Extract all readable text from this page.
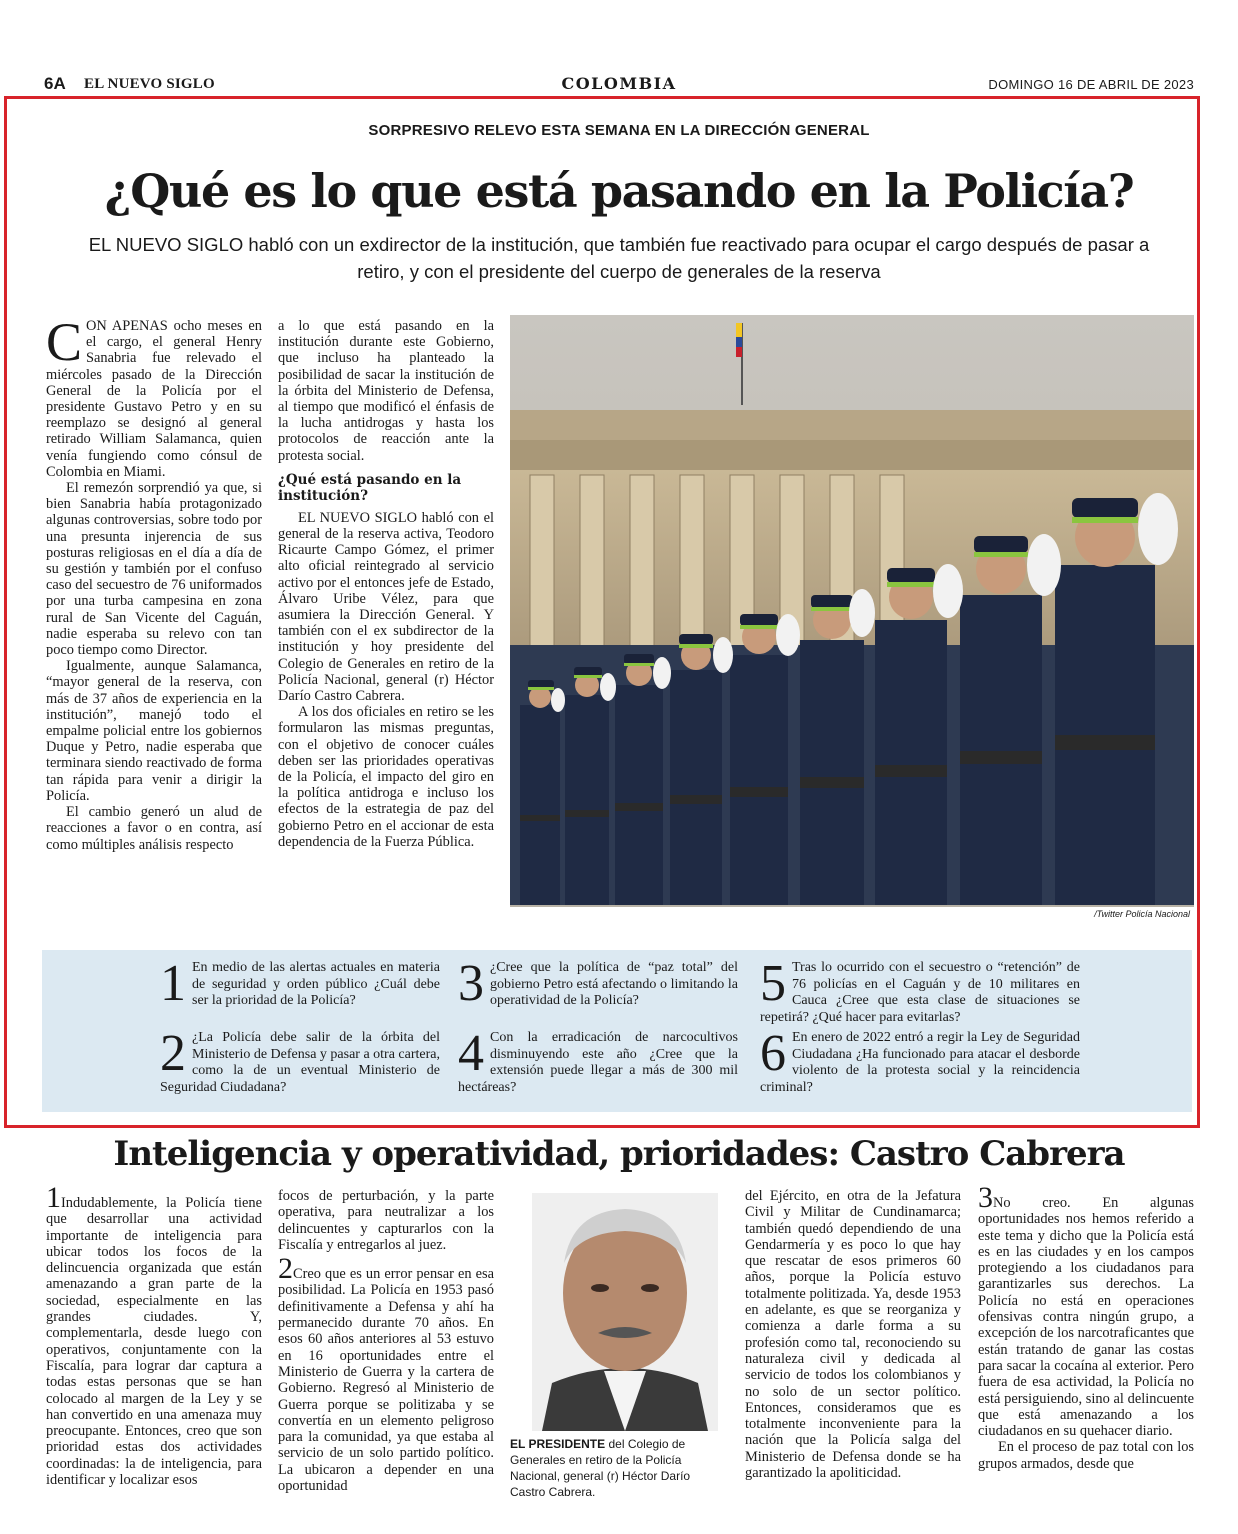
6A EL NUEVO SIGLO	COLOMBIA	DOMINGO 16 DE ABRIL DE 2023
SORPRESIVO RELEVO ESTA SEMANA EN LA DIRECCIÓN GENERAL
¿Qué es lo que está pasando en la Policía?
EL NUEVO SIGLO habló con un exdirector de la institución, que también fue reactivado para ocupar el cargo después de pasar a retiro, y con el presidente del cuerpo de generales de la reserva

CON APENAS ocho meses en el cargo, el general Henry Sanabria fue relevado el miércoles pasado de la Dirección General de la Policía por el presidente Gustavo Petro y en su reemplazo se designó al general retirado William Salamanca, quien venía fungiendo como cónsul de Colombia en Miami.

El remezón sorprendió ya que, si bien Sanabria había protagonizado algunas controversias, sobre todo por una presunta injerencia de sus posturas religiosas en el día a día de su gestión y también por el confuso caso del secuestro de 76 uniformados por una turba campesina en zona rural de San Vicente del Caguán, nadie esperaba su relevo con tan poco tiempo como Director.

Igualmente, aunque Salamanca, “mayor general de la reserva, con más de 37 años de experiencia en la institución”, manejó todo el empalme policial entre los gobiernos Duque y Petro, nadie esperaba que terminara siendo reactivado de forma tan rápida para venir a dirigir la Policía.

El cambio generó un alud de reacciones a favor o en contra, así como múltiples análisis respecto

a lo que está pasando en la institución durante este Gobierno, que incluso ha planteado la posibilidad de sacar la institución de la órbita del Ministerio de Defensa, al tiempo que modificó el énfasis de la lucha antidrogas y hasta los protocolos de reacción ante la protesta social.

¿Qué está pasando en la institución?

EL NUEVO SIGLO habló con el general de la reserva activa, Teodoro Ricaurte Campo Gómez, el primer alto oficial reintegrado al servicio activo por el entonces jefe de Estado, Álvaro Uribe Vélez, para que asumiera la Dirección General. Y también con el ex subdirector de la institución y hoy presidente del Colegio de Generales en retiro de la Policía Nacional, general (r) Héctor Darío Castro Cabrera.

A los dos oficiales en retiro se les formularon las mismas preguntas, con el objetivo de conocer cuáles deben ser las prioridades operativas de la Policía, el impacto del giro en la política antidroga e incluso los efectos de la estrategia de paz del gobierno Petro en el accionar de esta dependencia de la Fuerza Pública.

/Twitter Policía Nacional
1 En medio de las alertas actuales en materia de seguridad y orden público ¿Cuál debe ser la prioridad de la Policía?
2 ¿La Policía debe salir de la órbita del Ministerio de Defensa y pasar a otra cartera, como la de un eventual Ministerio de Seguridad Ciudadana?
3 ¿Cree que la política de “paz total” del gobierno Petro está afectando o limitando la operatividad de la Policía?
4 Con la erradicación de narcocultivos disminuyendo este año ¿Cree que la extensión puede llegar a más de 300 mil hectáreas?
5 Tras lo ocurrido con el secuestro o “retención” de 76 policías en el Caguán y de 10 militares en Cauca ¿Cree que esta clase de situaciones se repetirá? ¿Qué hacer para evitarlas?
6 En enero de 2022 entró a regir la Ley de Seguridad Ciudadana ¿Ha funcionado para atacar el desborde violento de la protesta social y la reincidencia criminal?
Inteligencia y operatividad, prioridades: Castro Cabrera

1Indudablemente, la Policía tiene que desarrollar una actividad importante de inteligencia para ubicar todos los focos de la delincuencia organizada que están amenazando a gran parte de la sociedad, especialmente en las grandes ciudades. Y, complementarla, desde luego con operativos, conjuntamente con la Fiscalía, para lograr dar captura a todas estas personas que se han colocado al margen de la Ley y se han convertido en una amenaza muy preocupante. Entonces, creo que son prioridad estas dos actividades coordinadas: la de inteligencia, para identificar y localizar esos

focos de perturbación, y la parte operativa, para neutralizar a los delincuentes y capturarlos con la Fiscalía y entregarlos al juez.

2Creo que es un error pensar en esa posibilidad. La Policía en 1953 pasó definitivamente a Defensa y ahí ha permanecido durante 70 años. En esos 60 años anteriores al 53 estuvo en 16 oportunidades entre el Ministerio de Guerra y la cartera de Gobierno. Regresó al Ministerio de Guerra porque se politizaba y se convertía en un elemento peligroso para la comunidad, ya que estaba al servicio de un solo partido político. La ubicaron a depender en una oportunidad

EL PRESIDENTE del Colegio de Generales en retiro de la Policía Nacional, general (r) Héctor Darío Castro Cabrera.

del Ejército, en otra de la Jefatura Civil y Militar de Cundinamarca; también quedó dependiendo de una Gendarmería y es poco lo que hay que rescatar de esos primeros 60 años, porque la Policía estuvo totalmente politizada. Ya, desde 1953 en adelante, es que se reorganiza y comienza a darle forma a su profesión como tal, reconociendo su naturaleza civil y dedicada al servicio de todos los colombianos y no solo de un sector político. Entonces, consideramos que es totalmente inconveniente para la nación que la Policía salga del Ministerio de Defensa donde se ha garantizado la apoliticidad.

3No creo. En algunas oportunidades nos hemos referido a este tema y dicho que la Policía está es en las ciudades y en los campos protegiendo a los ciudadanos para garantizarles sus derechos. La Policía no está en operaciones ofensivas contra ningún grupo, a excepción de los narcotraficantes que están tratando de ganar las costas para sacar la cocaína al exterior. Pero fuera de esa actividad, la Policía no está persiguiendo, sino al delincuente que está amenazando a los ciudadanos en su quehacer diario.

En el proceso de paz total con los grupos armados, desde que
